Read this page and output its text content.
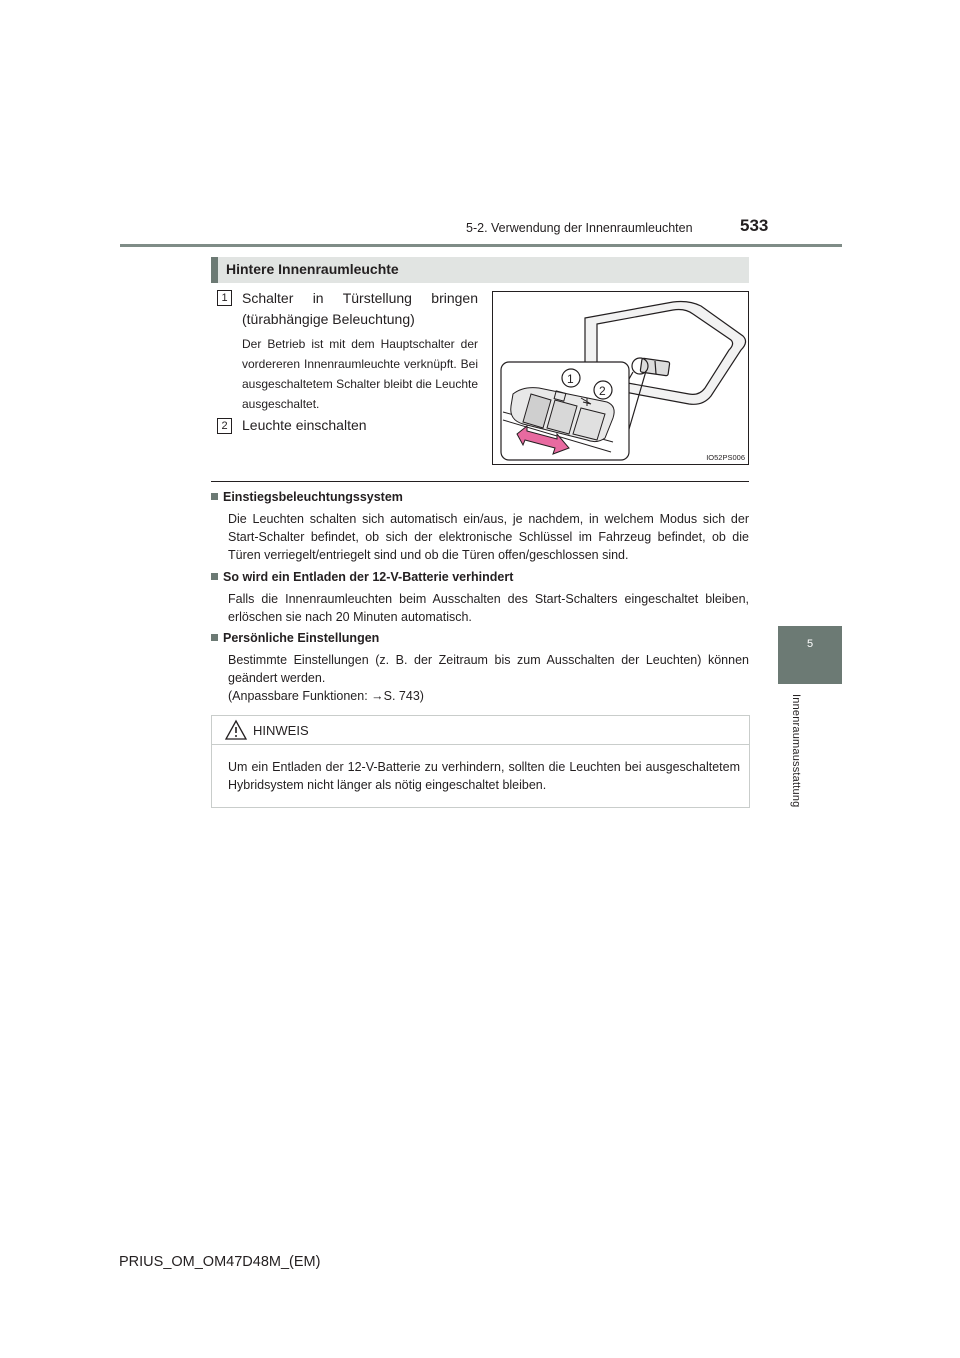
5-2. Verwendung der Innenraumleuchten	533
5
Innenraumausstattung
Hintere Innenraumleuchte
1	Schalter in Türstellung bringen (türabhängige Beleuchtung)
Der Betrieb ist mit dem Hauptschalter der vordereren Innenraumleuchte verknüpft. Bei ausgeschaltetem Schalter bleibt die Leuchte ausgeschaltet.
2	Leuchte einschalten
1
2
IO52PS006
Einstiegsbeleuchtungssystem
Die Leuchten schalten sich automatisch ein/aus, je nachdem, in welchem Modus sich der Start-Schalter befindet, ob sich der elektronische Schlüssel im Fahrzeug befindet, ob die Türen verriegelt/entriegelt sind und ob die Türen offen/geschlossen sind.
So wird ein Entladen der 12-V-Batterie verhindert
Falls die Innenraumleuchten beim Ausschalten des Start-Schalters eingeschaltet bleiben, erlöschen sie nach 20 Minuten automatisch.
Persönliche Einstellungen
Bestimmte Einstellungen (z. B. der Zeitraum bis zum Ausschalten der Leuchten) können geändert werden.
(Anpassbare Funktionen: →S. 743)
HINWEIS
Um ein Entladen der 12-V-Batterie zu verhindern, sollten die Leuchten bei ausgeschaltetem Hybridsystem nicht länger als nötig eingeschaltet bleiben.
PRIUS_OM_OM47D48M_(EM)
